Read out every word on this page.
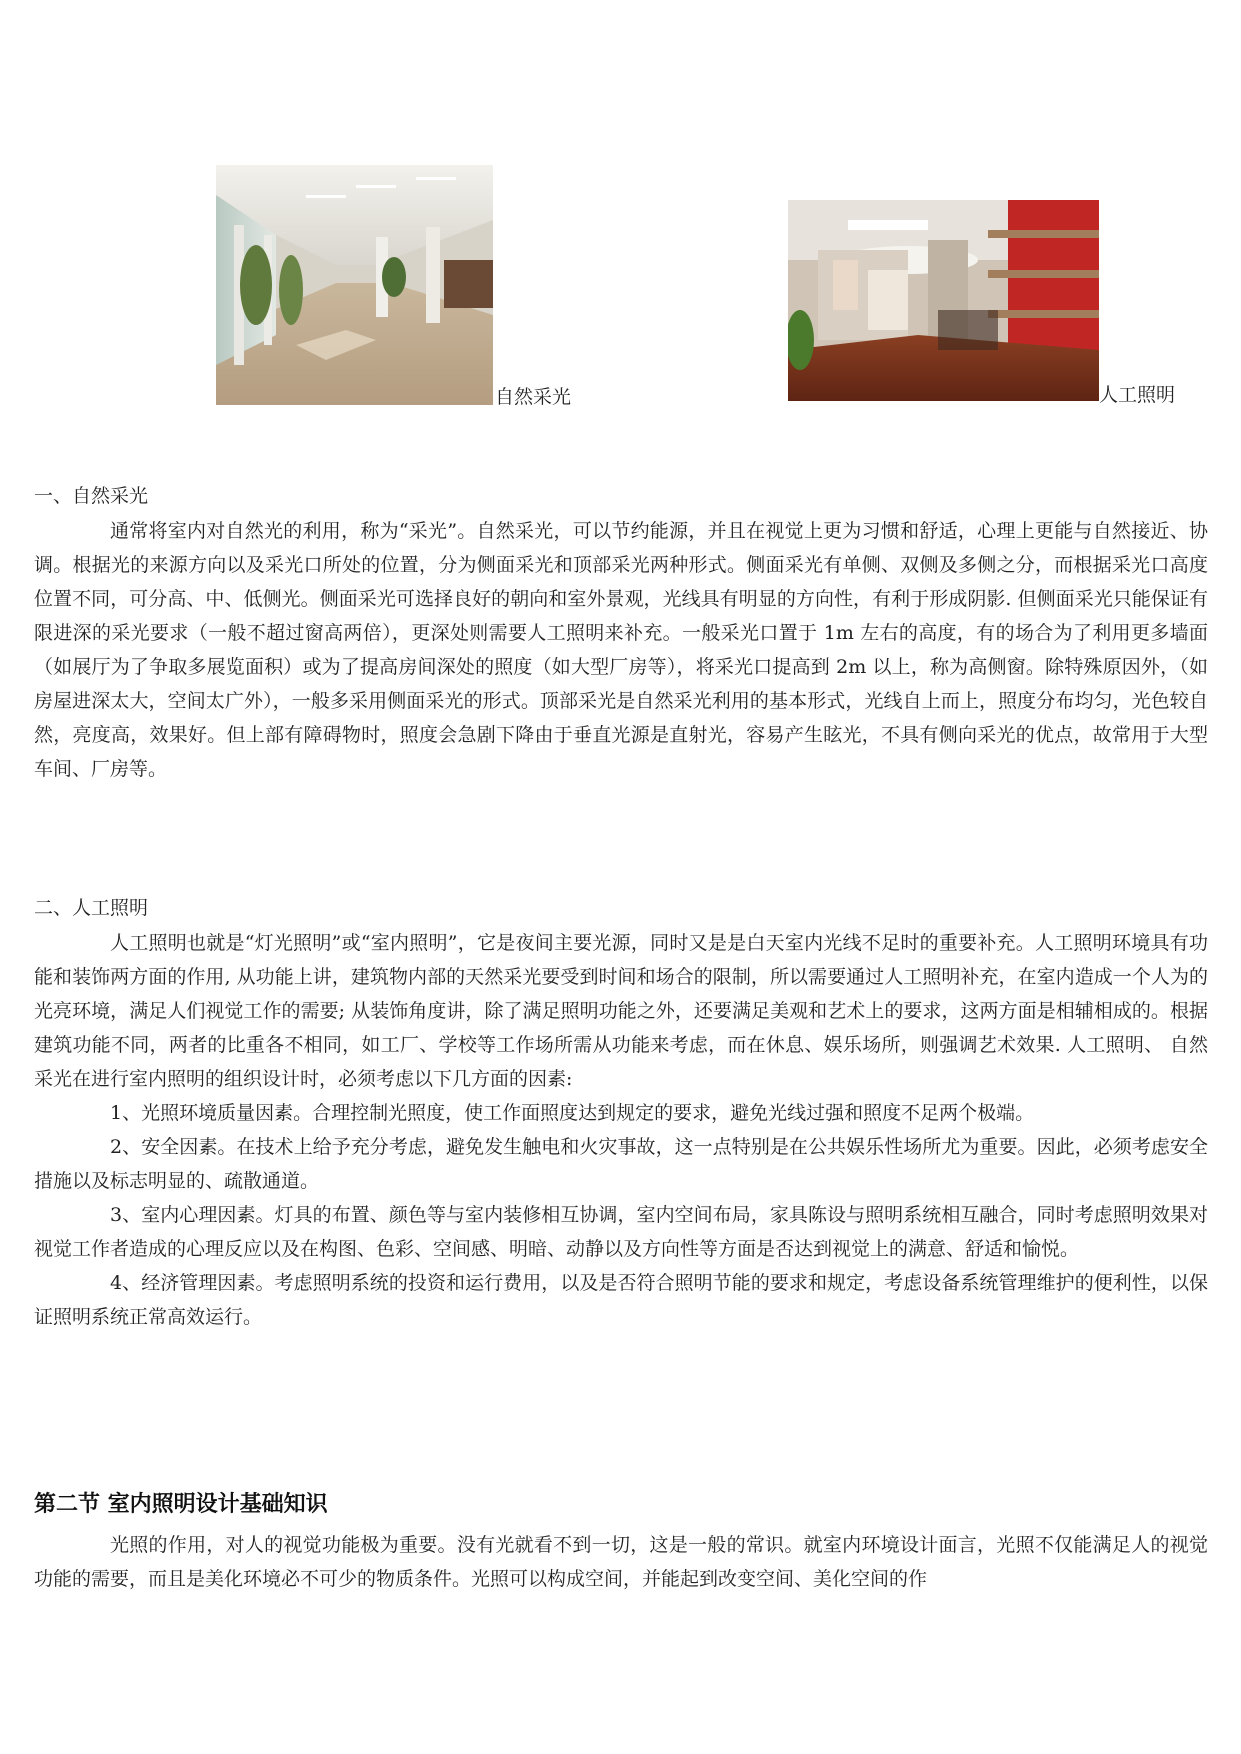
自然采光	人工照明
一、自然采光

通常将室内对自然光的利用，称为“采光”。自然采光，可以节约能源，并且在视觉上更为习惯和舒适，心理上更能与自然接近、协调。根据光的来源方向以及采光口所处的位置，分为侧面采光和顶部采光两种形式。侧面采光有单侧、双侧及多侧之分，而根据采光口高度位置不同，可分高、中、低侧光。侧面采光可选择良好的朝向和室外景观，光线具有明显的方向性，有利于形成阴影. 但侧面采光只能保证有限进深的采光要求（一般不超过窗高两倍），更深处则需要人工照明来补充。一般采光口置于 1m 左右的高度，有的场合为了利用更多墙面（如展厅为了争取多展览面积）或为了提高房间深处的照度（如大型厂房等），将采光口提高到 2m 以上，称为高侧窗。除特殊原因外，（如房屋进深太大，空间太广外），一般多采用侧面采光的形式。顶部采光是自然采光利用的基本形式，光线自上而上，照度分布均匀，光色较自然，亮度高，效果好。但上部有障碍物时，照度会急剧下降由于垂直光源是直射光，容易产生眩光，不具有侧向采光的优点，故常用于大型车间、厂房等。

二、人工照明

人工照明也就是“灯光照明”或“室内照明”，它是夜间主要光源，同时又是是白天室内光线不足时的重要补充。人工照明环境具有功能和装饰两方面的作用, 从功能上讲，建筑物内部的天然采光要受到时间和场合的限制，所以需要通过人工照明补充，在室内造成一个人为的光亮环境，满足人们视觉工作的需要; 从装饰角度讲，除了满足照明功能之外，还要满足美观和艺术上的要求，这两方面是相辅相成的。根据建筑功能不同，两者的比重各不相同，如工厂、学校等工作场所需从功能来考虑，而在休息、娱乐场所，则强调艺术效果. 人工照明、 自然采光在进行室内照明的组织设计时，必须考虑以下几方面的因素:

1、光照环境质量因素。合理控制光照度，使工作面照度达到规定的要求，避免光线过强和照度不足两个极端。

2、安全因素。在技术上给予充分考虑，避免发生触电和火灾事故，这一点特别是在公共娱乐性场所尤为重要。因此，必须考虑安全措施以及标志明显的、疏散通道。

3、室内心理因素。灯具的布置、颜色等与室内装修相互协调，室内空间布局，家具陈设与照明系统相互融合，同时考虑照明效果对视觉工作者造成的心理反应以及在构图、色彩、空间感、明暗、动静以及方向性等方面是否达到视觉上的满意、舒适和愉悦。

4、经济管理因素。考虑照明系统的投资和运行费用，以及是否符合照明节能的要求和规定，考虑设备系统管理维护的便利性，以保证照明系统正常高效运行。

第二节 室内照明设计基础知识

光照的作用，对人的视觉功能极为重要。没有光就看不到一切，这是一般的常识。就室内环境设计面言，光照不仅能满足人的视觉功能的需要，而且是美化环境必不可少的物质条件。光照可以构成空间，并能起到改变空间、美化空间的作
